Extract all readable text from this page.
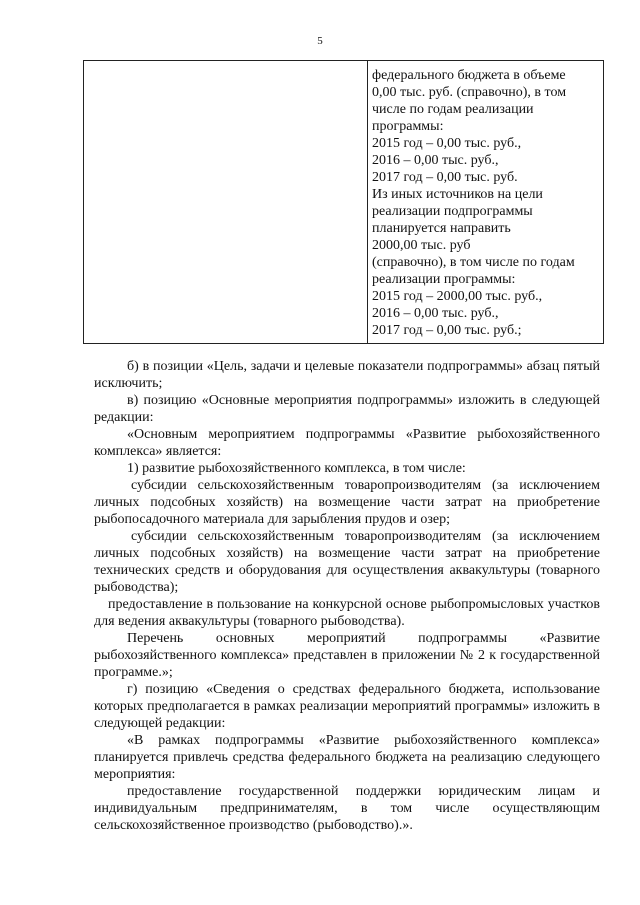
5
федерального бюджета в объеме
0,00 тыс. руб. (справочно), в том
числе по годам реализации
программы:
2015 год – 0,00 тыс. руб.,
2016 – 0,00 тыс. руб.,
2017 год – 0,00 тыс. руб.
Из иных источников на цели
реализации подпрограммы
планируется направить
2000,00 тыс. руб
(справочно), в том числе по годам
реализации программы:
2015 год – 2000,00 тыс. руб.,
2016 – 0,00 тыс. руб.,
2017 год – 0,00 тыс. руб.;

б) в позиции «Цель, задачи и целевые показатели подпрограммы» абзац пятый исключить;

в) позицию «Основные мероприятия подпрограммы» изложить в следующей редакции:

«Основным мероприятием подпрограммы «Развитие рыбохозяйственного комплекса» является:

1) развитие рыбохозяйственного комплекса, в том числе:

субсидии сельскохозяйственным товаропроизводителям (за исключением личных подсобных хозяйств) на возмещение части затрат на приобретение рыбопосадочного материала для зарыбления прудов и озер;

субсидии сельскохозяйственным товаропроизводителям (за исключением личных подсобных хозяйств) на возмещение части затрат на приобретение технических средств и оборудования для осуществления аквакультуры (товарного рыбоводства);

предоставление в пользование на конкурсной основе рыбопромысловых участков для ведения аквакультуры (товарного рыбоводства).

Перечень основных мероприятий подпрограммы «Развитие рыбохозяйственного комплекса» представлен в приложении № 2 к государственной программе.»;

г) позицию «Сведения о средствах федерального бюджета, использование которых предполагается в рамках реализации мероприятий программы» изложить в следующей редакции:

«В рамках подпрограммы «Развитие рыбохозяйственного комплекса» планируется привлечь средства федерального бюджета на реализацию следующего мероприятия:

предоставление государственной поддержки юридическим лицам и индивидуальным предпринимателям, в том числе осуществляющим сельскохозяйственное производство (рыбоводство).».
